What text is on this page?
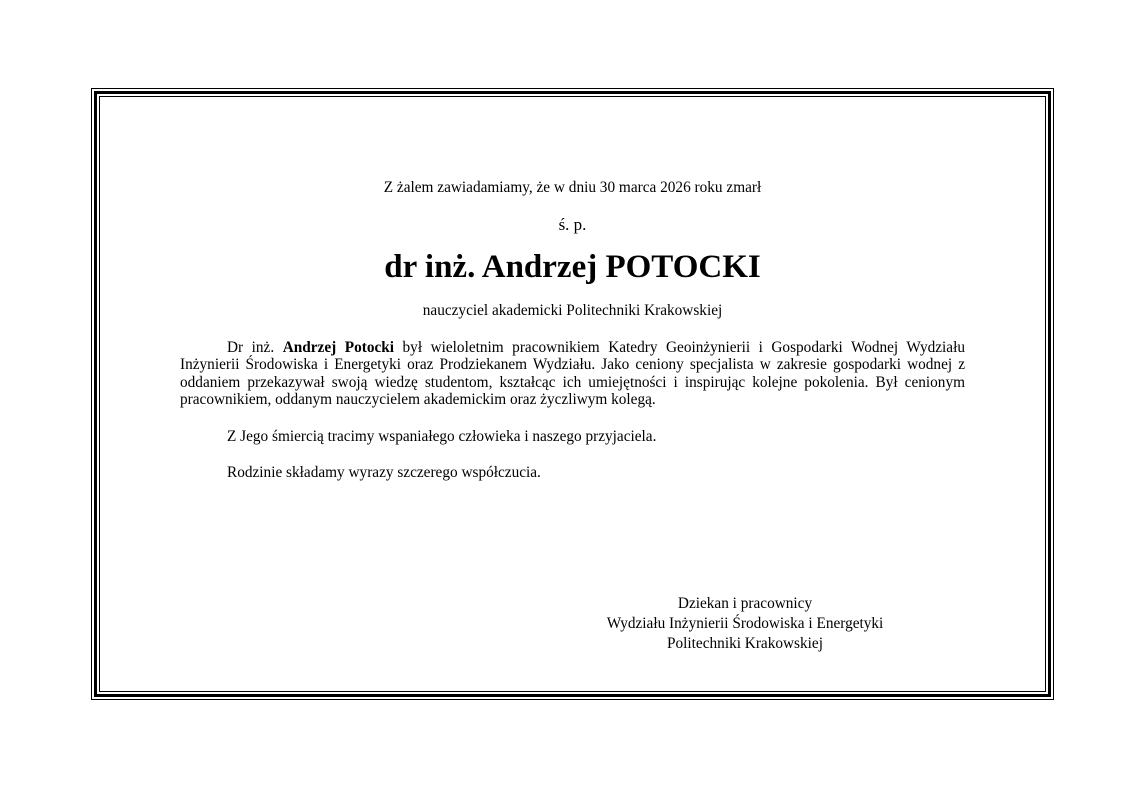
Z żalem zawiadamiamy, że w dniu 30 marca 2026 roku zmarł

ś. p.

dr inż. Andrzej POTOCKI

nauczyciel akademicki Politechniki Krakowskiej

Dr inż. Andrzej Potocki był wieloletnim pracownikiem Katedry Geoinżynierii i Gospodarki Wodnej Wydziału Inżynierii Środowiska i Energetyki oraz Prodziekanem Wydziału. Jako ceniony specjalista w zakresie gospodarki wodnej z oddaniem przekazywał swoją wiedzę studentom, kształcąc ich umiejętności i inspirując kolejne pokolenia. Był cenionym pracownikiem, oddanym nauczycielem akademickim oraz życzliwym kolegą.

Z Jego śmiercią tracimy wspaniałego człowieka i naszego przyjaciela.

Rodzinie składamy wyrazy szczerego współczucia.

Dziekan i pracownicy
Wydziału Inżynierii Środowiska i Energetyki
Politechniki Krakowskiej
